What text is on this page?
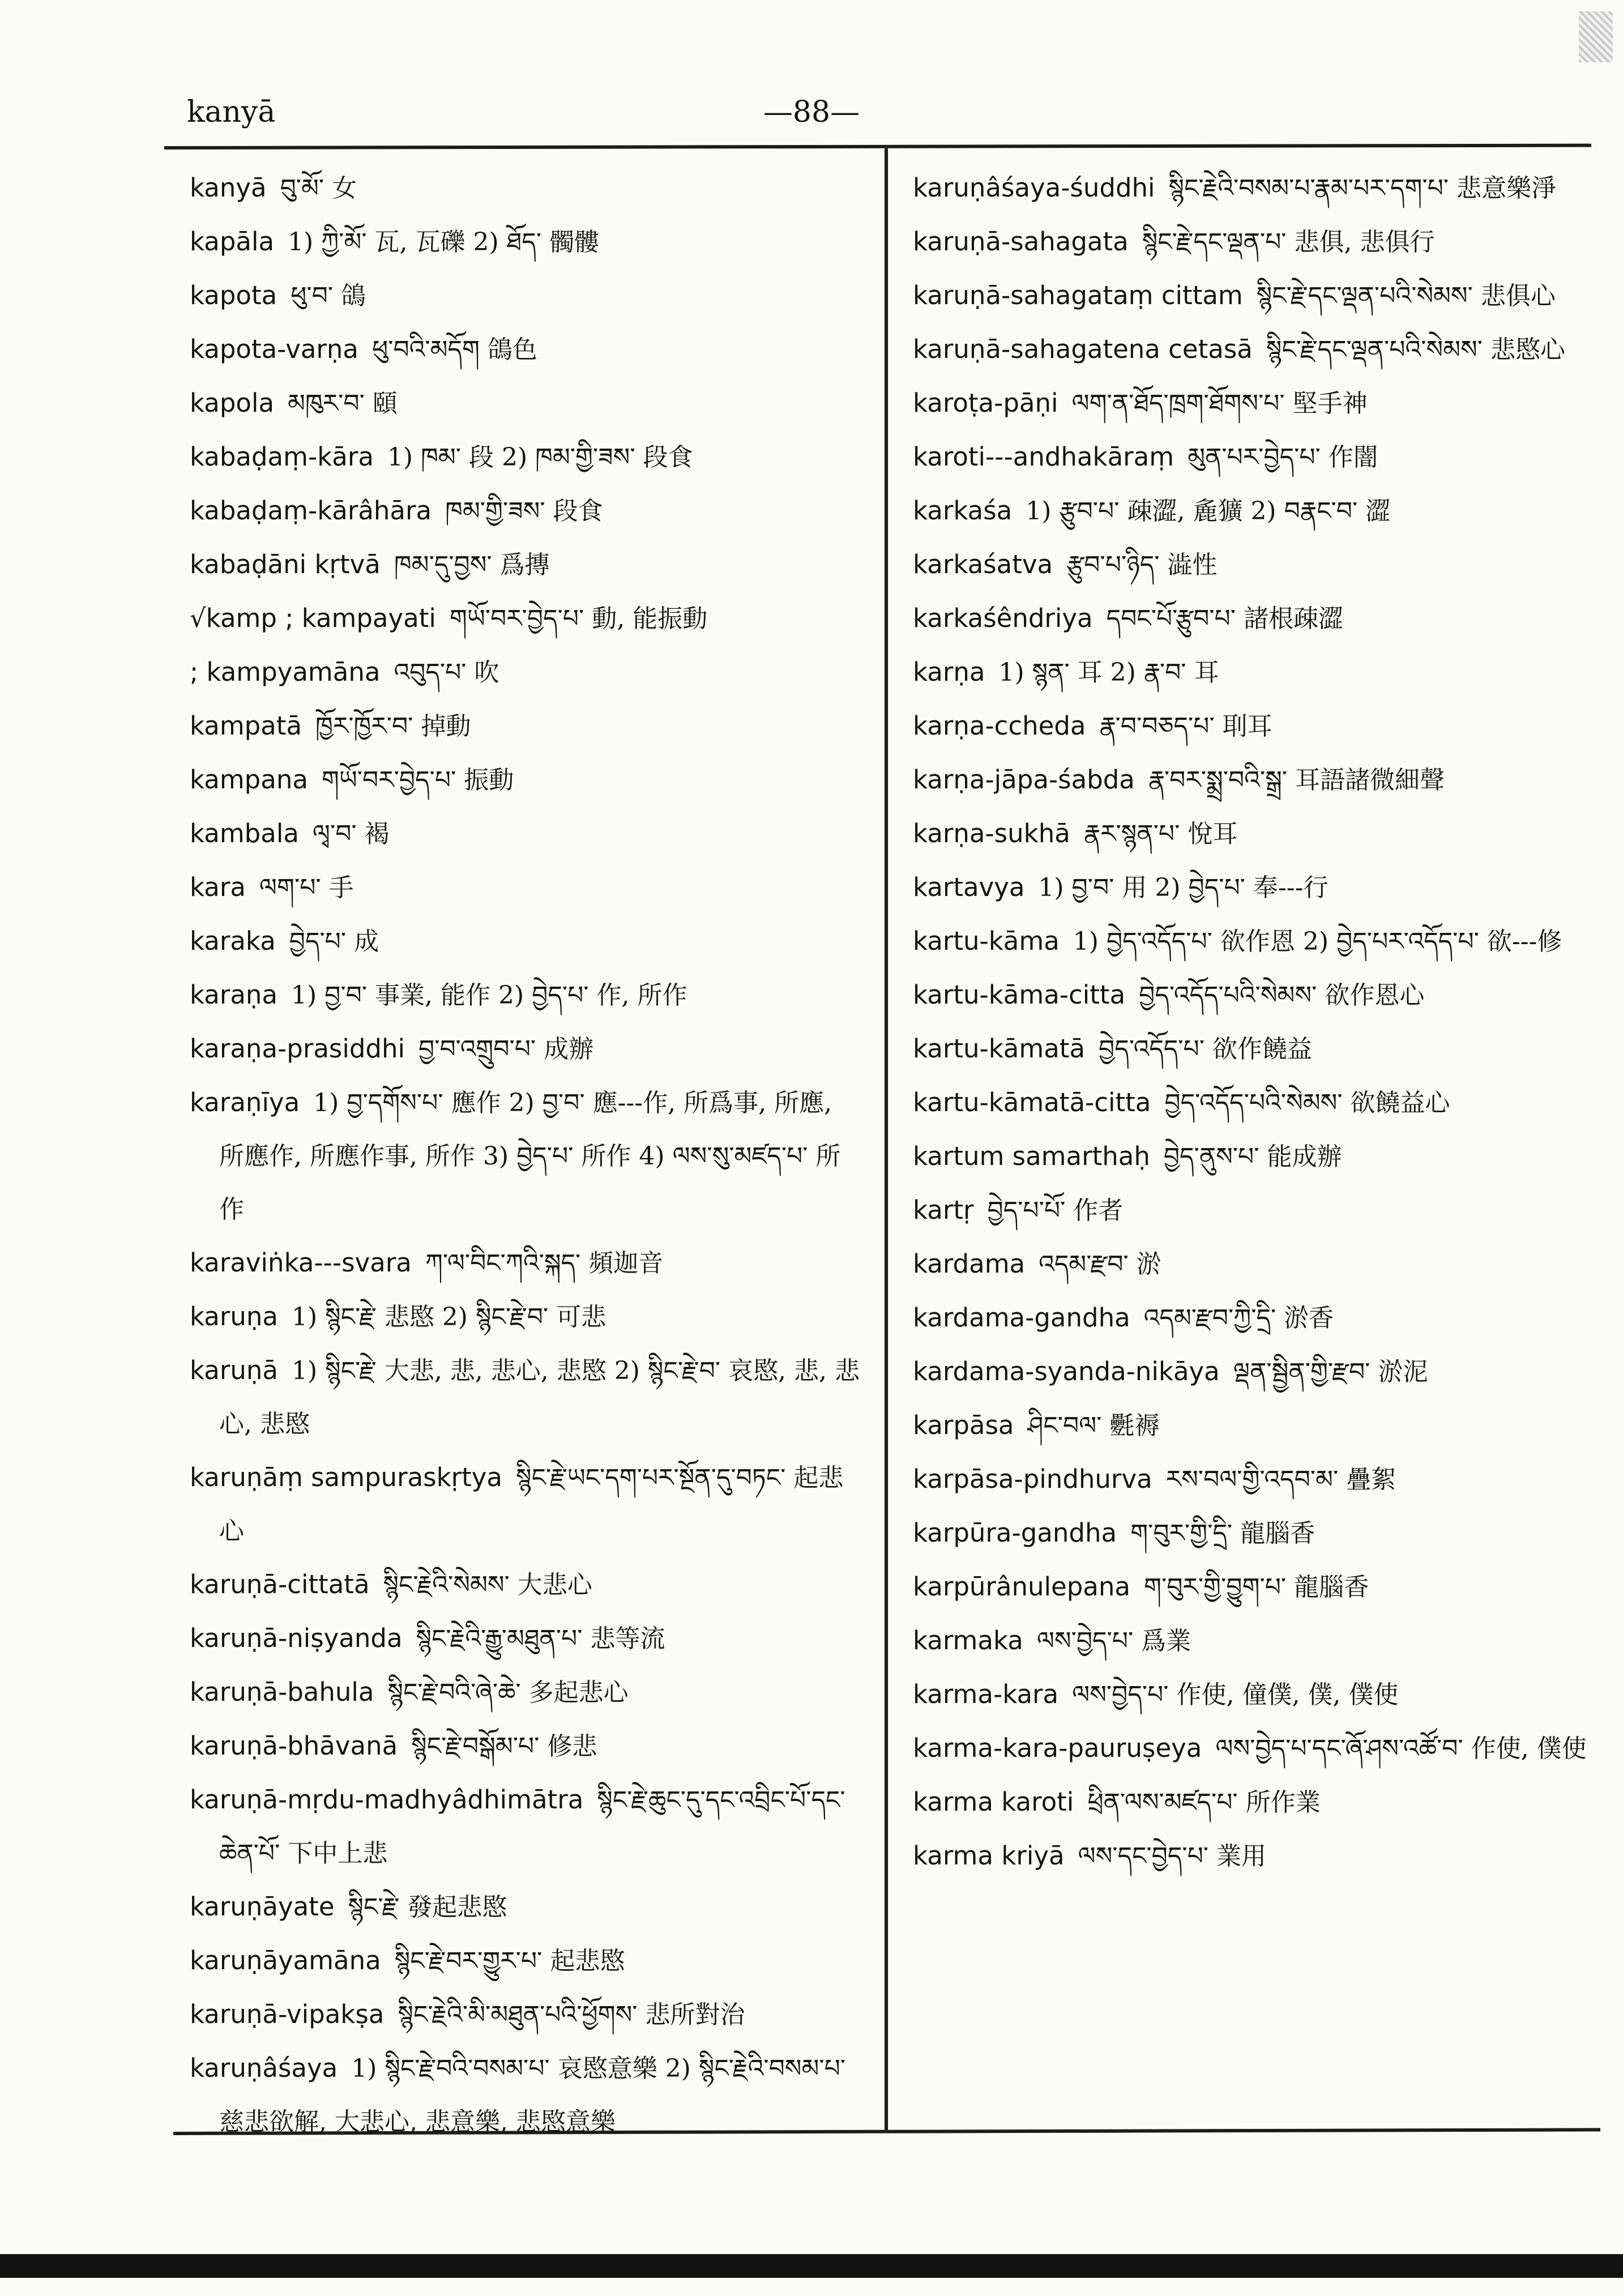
kanyā	—88—
kanyā བུ་མོ་ 女
kapāla 1) ཀྱི་མོ་ 瓦, 瓦礫 2) ཐོད་ 髑髏
kapota ཕུ་བ་ 鴿
kapota-varṇa ཕུ་བའི་མདོག 鴿色
kapola མཁུར་བ་ 頤
kabaḍaṃ-kāra 1) ཁམ་ 段 2) ཁམ་གྱི་ཟས་ 段食
kabaḍaṃ-kārâhāra ཁམ་གྱི་ཟས་ 段食
kabaḍāni kṛtvā ཁམ་དུ་བྱས་ 爲摶
√kamp ; kampayati གཡོ་བར་བྱེད་པ་ 動, 能振動
; kampyamāna འབུད་པ་ 吹
kampatā ཁྱོར་ཁྱོར་བ་ 掉動
kampana གཡོ་བར་བྱེད་པ་ 振動
kambala ལྭ་བ་ 褐
kara ལག་པ་ 手
karaka བྱེད་པ་ 成
karaṇa 1) བྱ་བ་ 事業, 能作 2) བྱེད་པ་ 作, 所作
karaṇa-prasiddhi བྱ་བ་འགྲུབ་པ་ 成辦
karaṇīya 1) བྱ་དགོས་པ་ 應作 2) བྱ་བ་ 應---作, 所爲事, 所應, 所應作, 所應作事, 所作 3) བྱེད་པ་ 所作 4) ལས་སུ་མཛད་པ་ 所作
karaviṅka---svara ཀ་ལ་བིང་ཀའི་སྐད་ 頻迦音
karuṇa 1) སྙིང་རྗེ་ 悲愍 2) སྙིང་རྗེ་བ་ 可悲
karuṇā 1) སྙིང་རྗེ་ 大悲, 悲, 悲心, 悲愍 2) སྙིང་རྗེ་བ་ 哀愍, 悲, 悲心, 悲愍
karuṇāṃ sampuraskṛtya སྙིང་རྗེ་ཡང་དག་པར་སྔོན་དུ་བཏང་ 起悲心
karuṇā-cittatā སྙིང་རྗེའི་སེམས་ 大悲心
karuṇā-niṣyanda སྙིང་རྗེའི་རྒྱུ་མཐུན་པ་ 悲等流
karuṇā-bahula སྙིང་རྗེ་བའི་ཞེ་ཆེ་ 多起悲心
karuṇā-bhāvanā སྙིང་རྗེ་བསྒོམ་པ་ 修悲
karuṇā-mṛdu-madhyâdhimātra སྙིང་རྗེ་ཆུང་དུ་དང་འབྲིང་པོ་དང་ཆེན་པོ་ 下中上悲
karuṇāyate སྙིང་རྗེ་ 發起悲愍
karuṇāyamāna སྙིང་རྗེ་བར་གྱུར་པ་ 起悲愍
karuṇā-vipakṣa སྙིང་རྗེའི་མི་མཐུན་པའི་ཕྱོགས་ 悲所對治
karuṇâśaya 1) སྙིང་རྗེ་བའི་བསམ་པ་ 哀愍意樂 2) སྙིང་རྗེའི་བསམ་པ་ 慈悲欲解, 大悲心, 悲意樂, 悲愍意樂
karuṇâśaya-śuddhi སྙིང་རྗེའི་བསམ་པ་རྣམ་པར་དག་པ་ 悲意樂淨
karuṇā-sahagata སྙིང་རྗེ་དང་ལྡན་པ་ 悲俱, 悲俱行
karuṇā-sahagataṃ cittam སྙིང་རྗེ་དང་ལྡན་པའི་སེམས་ 悲俱心
karuṇā-sahagatena cetasā སྙིང་རྗེ་དང་ལྡན་པའི་སེམས་ 悲愍心
karoṭa-pāṇi ལག་ན་ཐོད་ཁྲག་ཐོགས་པ་ 堅手神
karoti---andhakāraṃ མུན་པར་བྱེད་པ་ 作闇
karkaśa 1) རྩུབ་པ་ 疎澀, 麁獷 2) བརྣང་བ་ 澀
karkaśatva རྩུབ་པ་ཉིད་ 澁性
karkaśêndriya དབང་པོ་རྩུབ་པ་ 諸根疎澀
karṇa 1) སྙན་ 耳 2) རྣ་བ་ 耳
karṇa-ccheda རྣ་བ་བཅད་པ་ 刵耳
karṇa-jāpa-śabda རྣ་བར་སྨྲ་བའི་སྒྲ་ 耳語諸微細聲
karṇa-sukhā རྣར་སྙན་པ་ 悅耳
kartavya 1) བྱ་བ་ 用 2) བྱེད་པ་ 奉---行
kartu-kāma 1) བྱེད་འདོད་པ་ 欲作恩 2) བྱེད་པར་འདོད་པ་ 欲---修
kartu-kāma-citta བྱེད་འདོད་པའི་སེམས་ 欲作恩心
kartu-kāmatā བྱེད་འདོད་པ་ 欲作饒益
kartu-kāmatā-citta བྱེད་འདོད་པའི་སེམས་ 欲饒益心
kartum samarthaḥ བྱེད་ནུས་པ་ 能成辦
kartṛ བྱེད་པ་པོ་ 作者
kardama འདམ་རྫབ་ 淤
kardama-gandha འདམ་རྫབ་ཀྱི་དྲི་ 淤香
kardama-syanda-nikāya ལྡན་སྦྱིན་གྱི་རྫབ་ 淤泥
karpāsa ཤིང་བལ་ 氎褥
karpāsa-pindhurva རས་བལ་གྱི་འདབ་མ་ 疊絮
karpūra-gandha ག་བུར་གྱི་དྲི་ 龍腦香
karpūrânulepana ག་བུར་གྱི་བྱུག་པ་ 龍腦香
karmaka ལས་བྱེད་པ་ 爲業
karma-kara ལས་བྱེད་པ་ 作使, 僮僕, 僕, 僕使
karma-kara-pauruṣeya ལས་བྱེད་པ་དང་ཞོ་ཤས་འཚོ་བ་ 作使, 僕使
karma karoti ཕྲིན་ལས་མཛད་པ་ 所作業
karma kriyā ལས་དང་བྱེད་པ་ 業用
